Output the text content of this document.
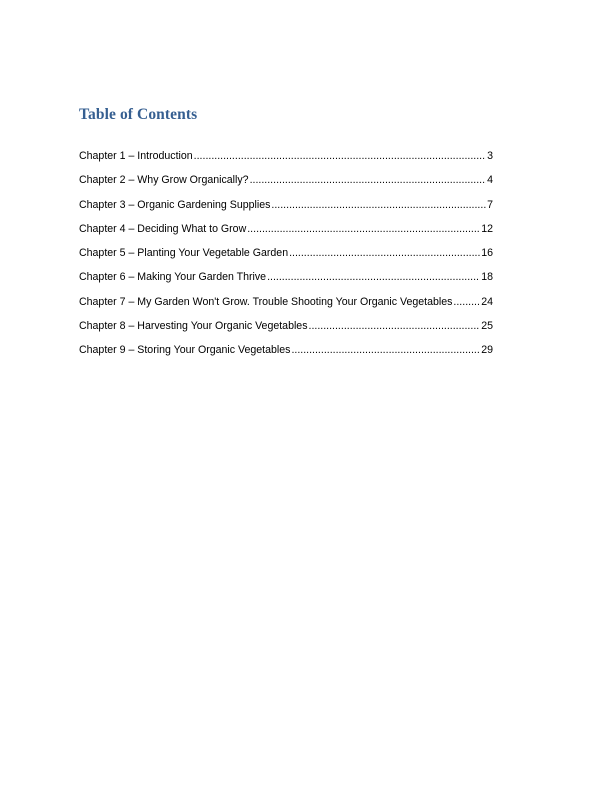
Table of Contents
Chapter 1 – Introduction .....	3
Chapter 2 – Why Grow Organically? .....	4
Chapter 3 – Organic Gardening Supplies .....	7
Chapter 4 – Deciding What to Grow .....	12
Chapter 5 – Planting Your Vegetable Garden .....	16
Chapter 6 – Making Your Garden Thrive .....	18
Chapter 7 – My Garden Won't Grow. Trouble Shooting Your Organic Vegetables .....	24
Chapter 8 – Harvesting Your Organic Vegetables .....	25
Chapter 9 – Storing Your Organic Vegetables .....	29
